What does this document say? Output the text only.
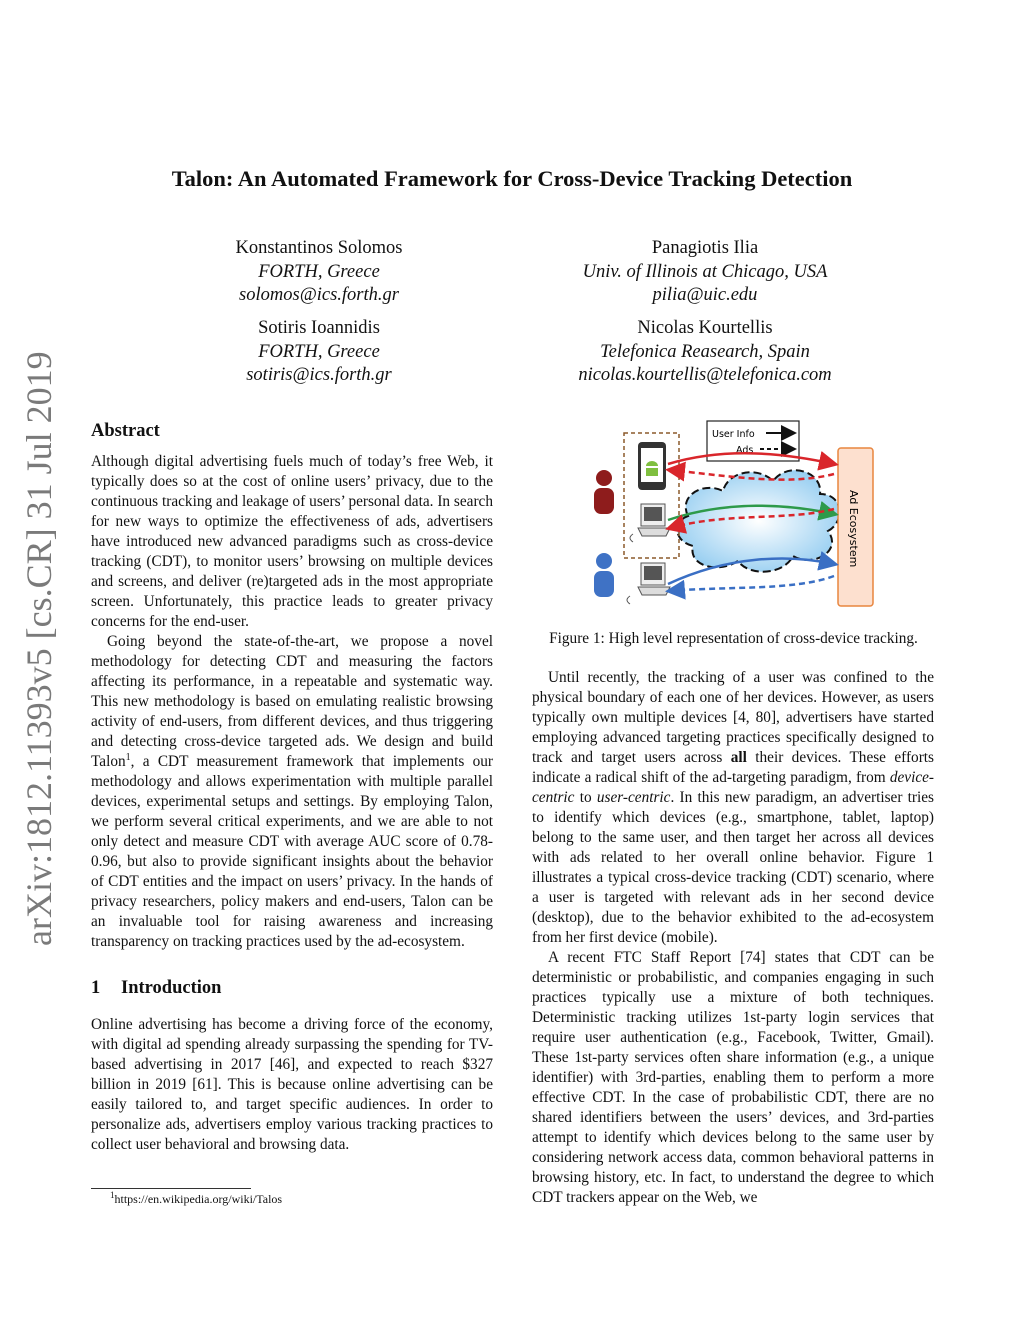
arXiv:1812.11393v5 [cs.CR] 31 Jul 2019
Talon: An Automated Framework for Cross-Device Tracking Detection
Konstantinos Solomos
FORTH, Greece
solomos@ics.forth.gr
Panagiotis Ilia
Univ. of Illinois at Chicago, USA
pilia@uic.edu
Sotiris Ioannidis
FORTH, Greece
sotiris@ics.forth.gr
Nicolas Kourtellis
Telefonica Reasearch, Spain
nicolas.kourtellis@telefonica.com
Abstract

Although digital advertising fuels much of today’s free Web, it typically does so at the cost of online users’ privacy, due to the continuous tracking and leakage of users’ personal data. In search for new ways to optimize the effectiveness of ads, advertisers have introduced new advanced paradigms such as cross-device tracking (CDT), to monitor users’ browsing on multiple devices and screens, and deliver (re)targeted ads in the most appropriate screen. Unfortunately, this practice leads to greater privacy concerns for the end-user.

Going beyond the state-of-the-art, we propose a novel methodology for detecting CDT and measuring the factors affecting its performance, in a repeatable and systematic way. This new methodology is based on emulating realistic browsing activity of end-users, from different devices, and thus triggering and detecting cross-device targeted ads. We design and build Talon$^1$, a CDT measurement framework that implements our methodology and allows experimentation with multiple parallel devices, experimental setups and settings. By employing Talon, we perform several critical experiments, and we are able to not only detect and measure CDT with average AUC score of 0.78-0.96, but also to provide significant insights about the behavior of CDT entities and the impact on users’ privacy. In the hands of privacy researchers, policy makers and end-users, Talon can be an invaluable tool for raising awareness and increasing transparency on tracking practices used by the ad-ecosystem.

1 Introduction

Online advertising has become a driving force of the economy, with digital ad spending already surpassing the spending for TV-based advertising in 2017 [46], and expected to reach $327 billion in 2019 [61]. This is because online advertising can be easily tailored to, and target specific audiences. In order to personalize ads, advertisers employ various tracking practices to collect user behavioral and browsing data.

$^1$https://en.wikipedia.org/wiki/Talos
User Info
Ads
Ad Ecosystem
Figure 1: High level representation of cross-device tracking.

Until recently, the tracking of a user was confined to the physical boundary of each one of her devices. However, as users typically own multiple devices [4, 80], advertisers have started employing advanced targeting practices specifically designed to track and target users across all their devices. These efforts indicate a radical shift of the ad-targeting paradigm, from device-centric to user-centric. In this new paradigm, an advertiser tries to identify which devices (e.g., smartphone, tablet, laptop) belong to the same user, and then target her across all devices with ads related to her overall online behavior. Figure 1 illustrates a typical cross-device tracking (CDT) scenario, where a user is targeted with relevant ads in her second device (desktop), due to the behavior exhibited to the ad-ecosystem from her first device (mobile).

A recent FTC Staff Report [74] states that CDT can be deterministic or probabilistic, and companies engaging in such practices typically use a mixture of both techniques. Deterministic tracking utilizes 1st-party login services that require user authentication (e.g., Facebook, Twitter, Gmail). These 1st-party services often share information (e.g., a unique identifier) with 3rd-parties, enabling them to perform a more effective CDT. In the case of probabilistic CDT, there are no shared identifiers between the users’ devices, and 3rd-parties attempt to identify which devices belong to the same user by considering network access data, common behavioral patterns in browsing history, etc. In fact, to understand the degree to which CDT trackers appear on the Web, we
